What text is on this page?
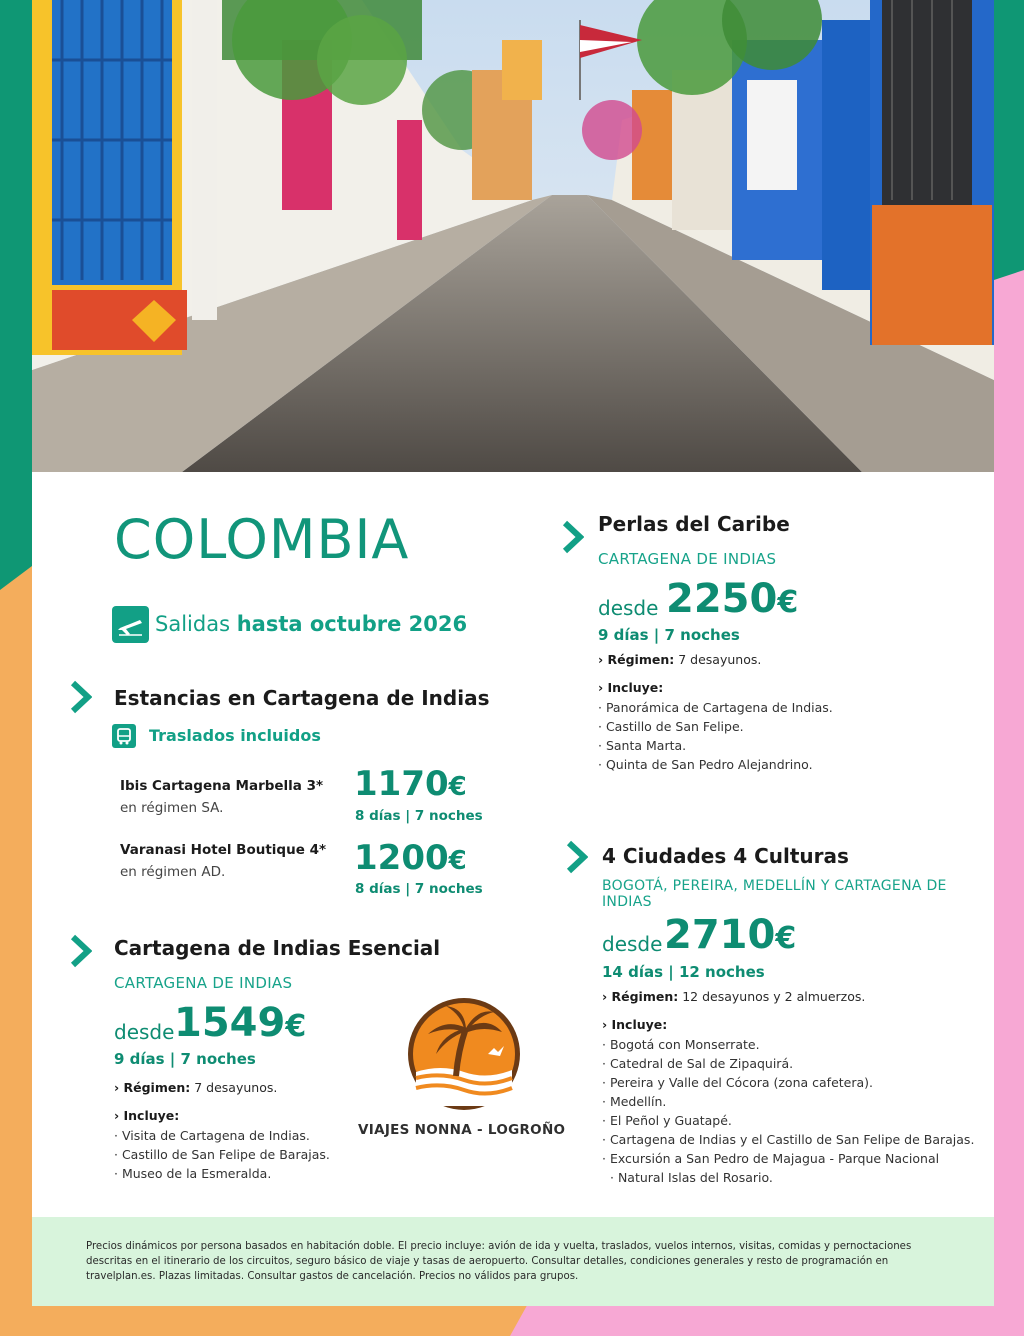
COLOMBIA
Salidas hasta octubre 2026
Estancias en Cartagena de Indias
Traslados incluidos
Ibis Cartagena Marbella 3*
en régimen SA.
1170€
8 días | 7 noches
Varanasi Hotel Boutique 4*
en régimen AD.	1200€
8 días | 7 noches
Cartagena de Indias Esencial
CARTAGENA DE INDIAS
desde 1549€
9 días | 7 noches
› Régimen: 7 desayunos.
› Incluye:
· Visita de Cartagena de Indias.
· Castillo de San Felipe de Barajas.
· Museo de la Esmeralda.
VIAJES NONNA - LOGROÑO
Perlas del Caribe
CARTAGENA DE INDIAS
desde 2250€
9 días | 7 noches
› Régimen: 7 desayunos.
› Incluye:
· Panorámica de Cartagena de Indias.
· Castillo de San Felipe.
· Santa Marta.
· Quinta de San Pedro Alejandrino.
4 Ciudades 4 Culturas
BOGOTÁ, PEREIRA, MEDELLÍN Y CARTAGENA DE
INDIAS
desde 2710€
14 días | 12 noches
› Régimen: 12 desayunos y 2 almuerzos.
› Incluye:
· Bogotá con Monserrate.
· Catedral de Sal de Zipaquirá.
· Pereira y Valle del Cócora (zona cafetera).
· Medellín.
· El Peñol y Guatapé.
· Cartagena de Indias y el Castillo de San Felipe de Barajas.
· Excursión a San Pedro de Majagua - Parque Nacional
· Natural Islas del Rosario.
Precios dinámicos por persona basados en habitación doble. El precio incluye: avión de ida y vuelta, traslados, vuelos internos, visitas, comidas y pernoctaciones descritas en el itinerario de los circuitos, seguro básico de viaje y tasas de aeropuerto. Consultar detalles, condiciones generales y resto de programación en travelplan.es. Plazas limitadas. Consultar gastos de cancelación. Precios no válidos para grupos.
